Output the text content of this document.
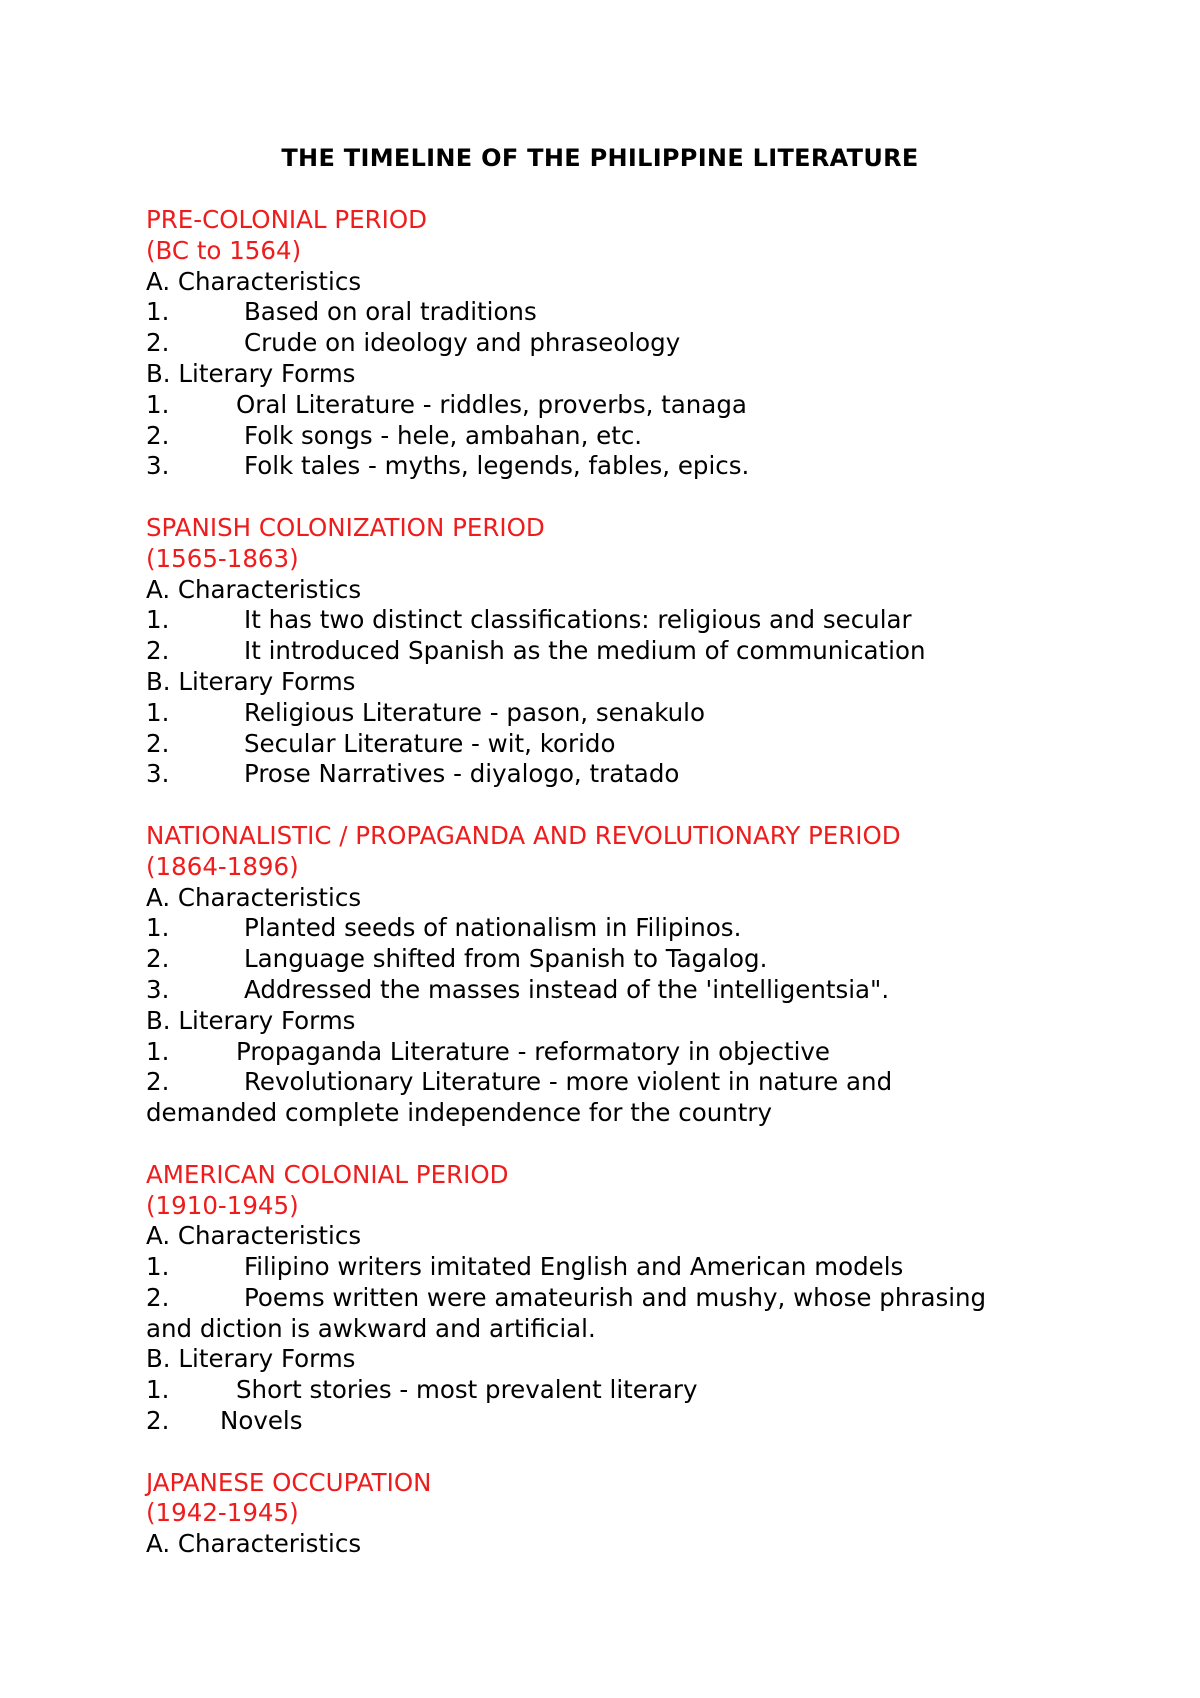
THE TIMELINE OF THE PHILIPPINE LITERATURE
PRE-COLONIAL PERIOD
(BC to 1564)
A. Characteristics
1.	Based on oral traditions
2.	Crude on ideology and phraseology
B. Literary Forms
1.	Oral Literature - riddles, proverbs, tanaga
2.	Folk songs - hele, ambahan, etc.
3.	Folk tales - myths, legends, fables, epics.
SPANISH COLONIZATION PERIOD
(1565-1863)
A. Characteristics
1.	It has two distinct classifications: religious and secular
2.	It introduced Spanish as the medium of communication
B. Literary Forms
1.	Religious Literature - pason, senakulo
2.	Secular Literature - wit, korido
3.	Prose Narratives - diyalogo, tratado
NATIONALISTIC / PROPAGANDA AND REVOLUTIONARY PERIOD
(1864-1896)
A. Characteristics
1.	Planted seeds of nationalism in Filipinos.
2.	Language shifted from Spanish to Tagalog.
3.	Addressed the masses instead of the 'intelligentsia".
B. Literary Forms
1.	Propaganda Literature - reformatory in objective
2.	Revolutionary Literature - more violent in nature and
demanded complete independence for the country
AMERICAN COLONIAL PERIOD
(1910-1945)
A. Characteristics
1.	Filipino writers imitated English and American models
2.	Poems written were amateurish and mushy, whose phrasing
and diction is awkward and artificial.
B. Literary Forms
1.	Short stories - most prevalent literary
2.	Novels
JAPANESE OCCUPATION
(1942-1945)
A. Characteristics
